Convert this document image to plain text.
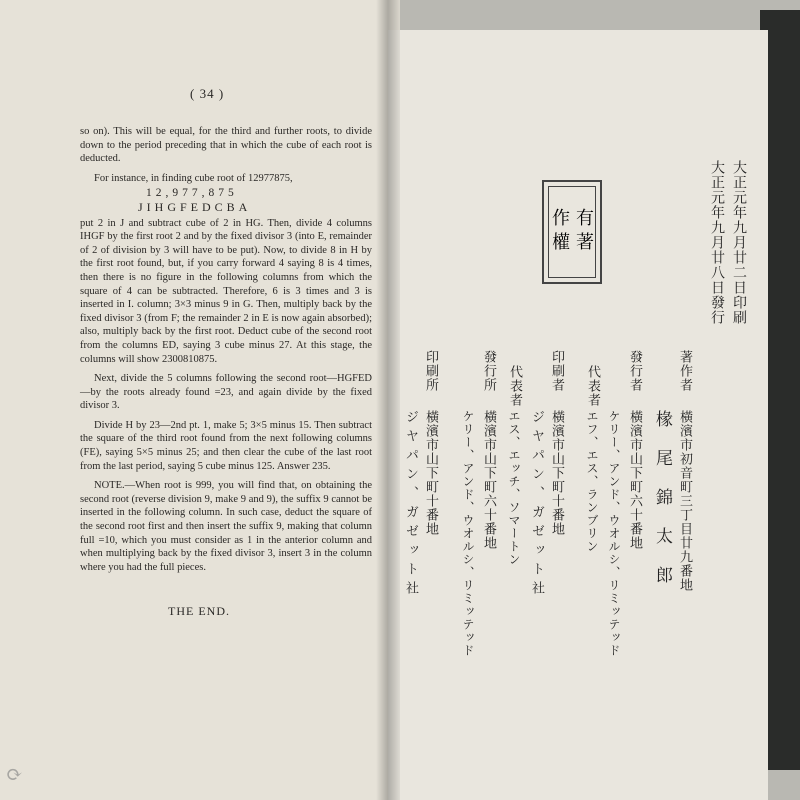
( 34 )

so on). This will be equal, for the third and further roots, to divide down to the period preceding that in which the cube of each root is deducted.

For instance, in finding cube root of 12977875,

12,977,875
JIHGFEDCBA

put 2 in J and subtract cube of 2 in HG. Then, divide 4 columns IHGF by the first root 2 and by the fixed divisor 3 (into E, remainder of 2 of division by 3 will have to be put). Now, to divide 8 in H by the first root found, but, if you carry forward 4 saying 8 is 4 times, then there is no figure in the following columns from which the square of 4 can be subtracted. Therefore, 6 is 3 times and 3 is inserted in I. column; 3×3 minus 9 in G. Then, multiply back by the fixed divisor 3 (from F; the remainder 2 in E is now again absorbed); also, multiply back by the first root. Deduct cube of the second root from the columns ED, saying 3 cube minus 27. At this stage, the columns will show 2300810875.

Next, divide the 5 columns following the second root—HGFED—by the roots already found =23, and again divide by the fixed divisor 3.

Divide H by 23—2nd pt. 1, make 5; 3×5 minus 15. Then subtract the square of the third root found from the next following columns (FE), saying 5×5 minus 25; and then clear the cube of the last root from the last period, saying 5 cube minus 125. Answer 235.

NOTE.—When root is 999, you will find that, on obtaining the second root (reverse division 9, make 9 and 9), the suffix 9 cannot be inserted in the following column. In such case, deduct the square of the second root first and then insert the suffix 9, making that column full =10, which you must consider as 1 in the anterior column and when multiplying back by the fixed divisor 3, insert 3 in the column where you had the full pieces.

THE END.
大正元年九月廿二日印刷
大正元年九月廿八日發行
著作者
橫濱市初音町三丁目廿九番地
椽尾錦太郎
發行者
橫濱市山下町六十番地
ケリー、アンド、ウオルシ、リミッテッド
代表者
エフ、エス、ランブリン
印刷者
橫濱市山下町十番地
ジヤパン、ガゼット社
代表者
エス、エッチ、ソマートン
發行所
橫濱市山下町六十番地
ケリー、アンド、ウオルシ、リミッテッド
印刷所
橫濱市山下町十番地
ジヤパン、ガゼット社
有著
作權
⟳
